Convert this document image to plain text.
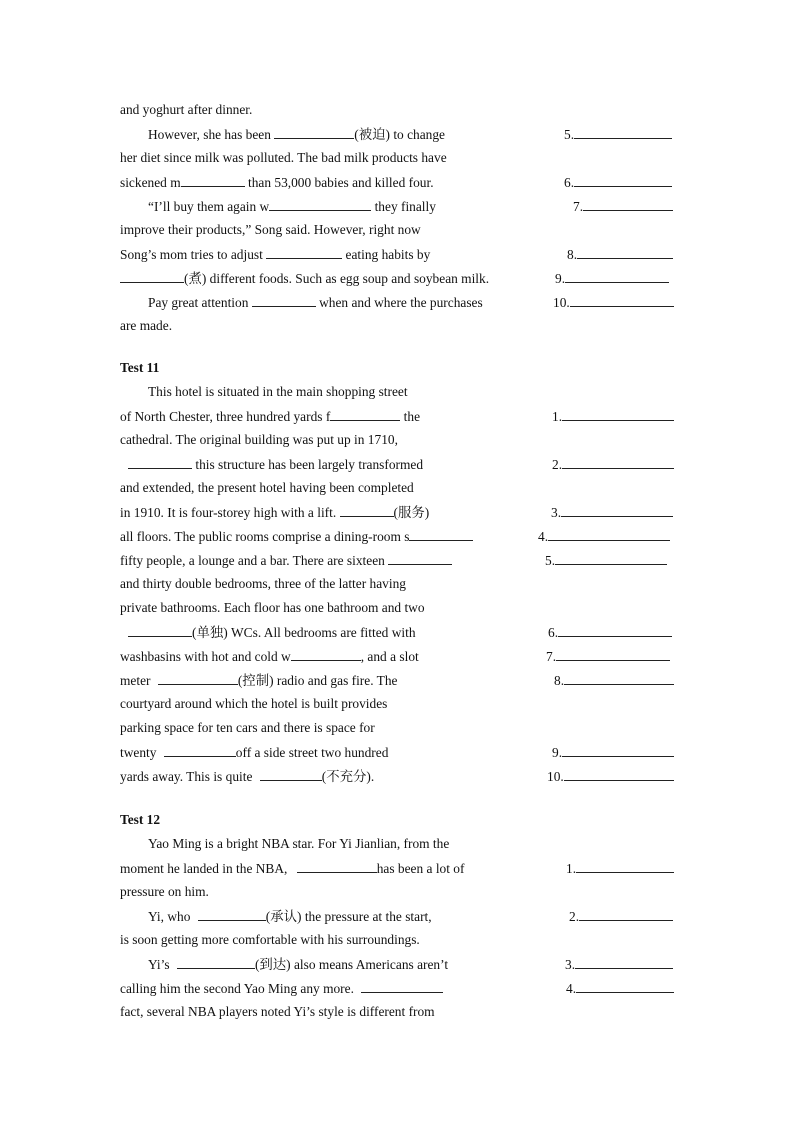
and yoghurt after dinner.
However, she has been	(被迫) to change	5.
her diet since milk was polluted. The bad milk products have
sickened m	than 53,000 babies and killed four.	6.
“I’ll buy them again w	they finally	7.
improve their products,” Song said. However, right now
Song’s mom tries to adjust	eating habits by	8.
(煮) different foods. Such as egg soup and soybean milk.	9.
Pay great attention	when and where the purchases	10.
are made.
Test 11
This hotel is situated in the main shopping street
of North Chester, three hundred yards f	the	1.
cathedral. The original building was put up in 1710,
this structure has been largely transformed	2.
and extended, the present hotel having been completed
in 1910. It is four-storey high with a lift.	(服务)	3.
all floors. The public rooms comprise a dining-room s	4.
fifty people, a lounge and a bar. There are sixteen	5.
and thirty double bedrooms, three of the latter having
private bathrooms. Each floor has one bathroom and two
(单独) WCs. All bedrooms are fitted with	6.
washbasins with hot and cold w	, and a slot	7.
meter	(控制) radio and gas fire. The	8.
courtyard around which the hotel is built provides
parking space for ten cars and there is space for
twenty	off a side street two hundred	9.
yards away. This is quite	(不充分).	10.
Test 12
Yao Ming is a bright NBA star. For Yi Jianlian, from the
moment he landed in the NBA,	has been a lot of	1.
pressure on him.
Yi, who	(承认) the pressure at the start,	2.
is soon getting more comfortable with his surroundings.
Yi’s	(到达) also means Americans aren’t	3.
calling him the second Yao Ming any more.	4.
fact, several NBA players noted Yi’s style is different from
